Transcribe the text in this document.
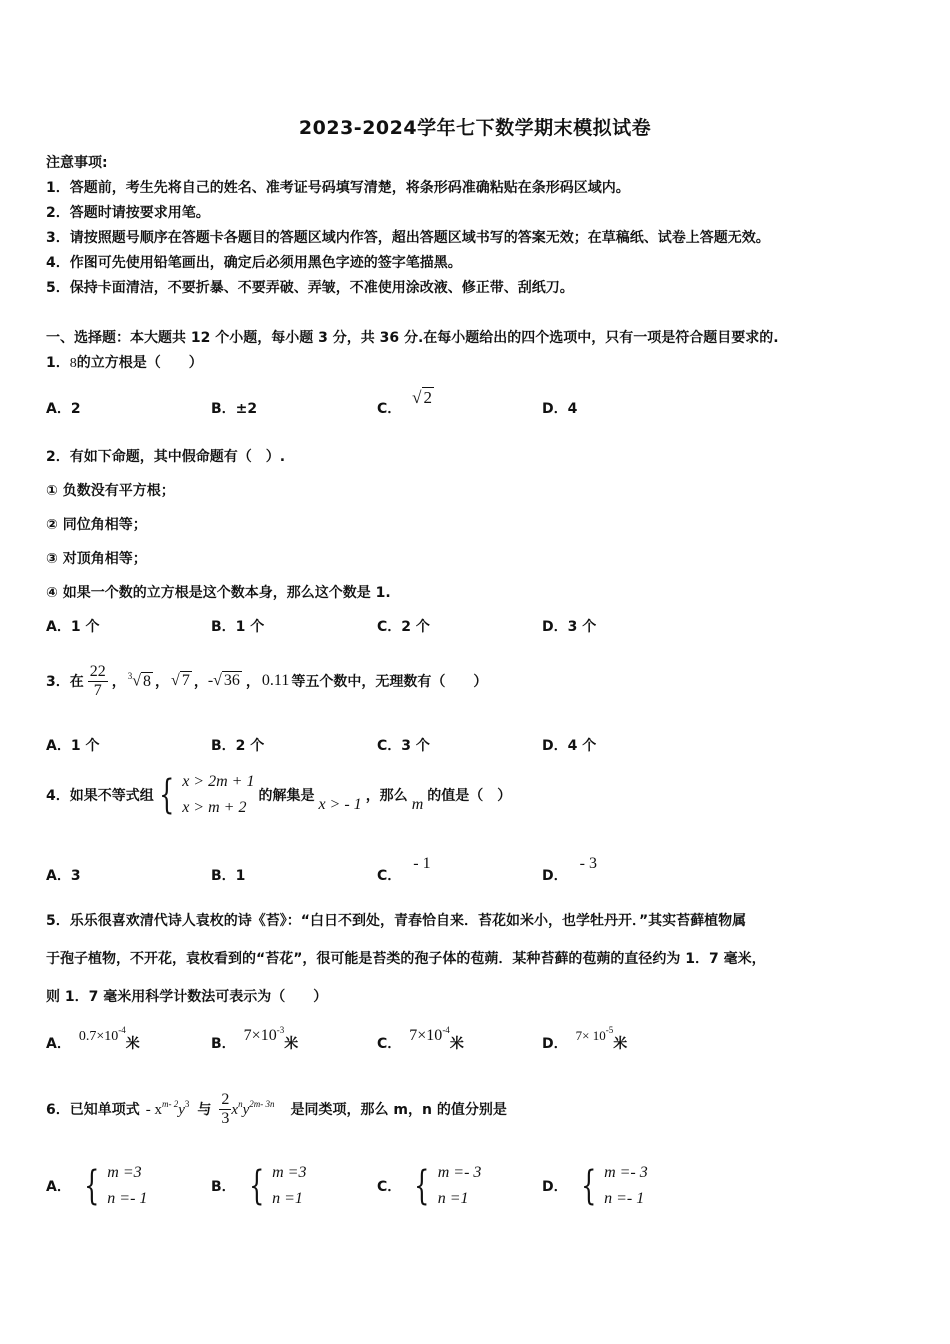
2023-2024学年七下数学期末模拟试卷
注意事项:
1．答题前，考生先将自己的姓名、准考证号码填写清楚，将条形码准确粘贴在条形码区域内。
2．答题时请按要求用笔。
3．请按照题号顺序在答题卡各题目的答题区域内作答，超出答题区域书写的答案无效；在草稿纸、试卷上答题无效。
4．作图可先使用铅笔画出，确定后必须用黑色字迹的签字笔描黑。
5．保持卡面清洁，不要折暴、不要弄破、弄皱，不准使用涂改液、修正带、刮纸刀。
一、选择题：本大题共 12 个小题，每小题 3 分，共 36 分.在每小题给出的四个选项中，只有一项是符合题目要求的.
1．8的立方根是（　　）
A．2	B．±2	C． √ 2
D．4
2．有如下命题，其中假命题有（　）.
① 负数没有平方根；
② 同位角相等；
③ 对顶角相等；
④ 如果一个数的立方根是这个数本身，那么这个数是 1.
A．1 个	B．1 个	C．2 个	D．3 个
3．在 $\frac{22}{7}$ ， $^3$√ 8 ， √ 7 ， - √ 36 ， 0.11 等五个数中，无理数有（　　）
A．1 个	B．2 个	C．3 个	D．4 个
4．如果不等式组 { x > 2m + 1
x > m + 2
的解集是 x > - 1 ，那么 m 的值是（　）
A．3	B．1	C．- 1
D．- 3
5．乐乐很喜欢清代诗人袁枚的诗《苔》：“白日不到处，青春恰自来．苔花如米小，也学牡丹开．”其实苔藓植物属
于孢子植物，不开花，袁枚看到的“苔花”，很可能是苔类的孢子体的苞蒴．某种苔藓的苞蒴的直径约为 1．7 毫米，
则 1．7 毫米用科学计数法可表示为（　　）
A． $0.7\times 10^{-4}$米	B． $7\times 10^{-3}$米	C． $7\times 10^{-4}$米	D．$7\times 10^{-5}$米
6．已知单项式 - $x^{m- 2}y^3$ 与 $\frac{2}{3} x^ny^{2m- 3n}$ 是同类项，那么 m，n 的值分别是
A． { m =3
n =- 1
B． { m =3
n =1
C． { m =- 3
n =1
D． { m =- 3
n =- 1
